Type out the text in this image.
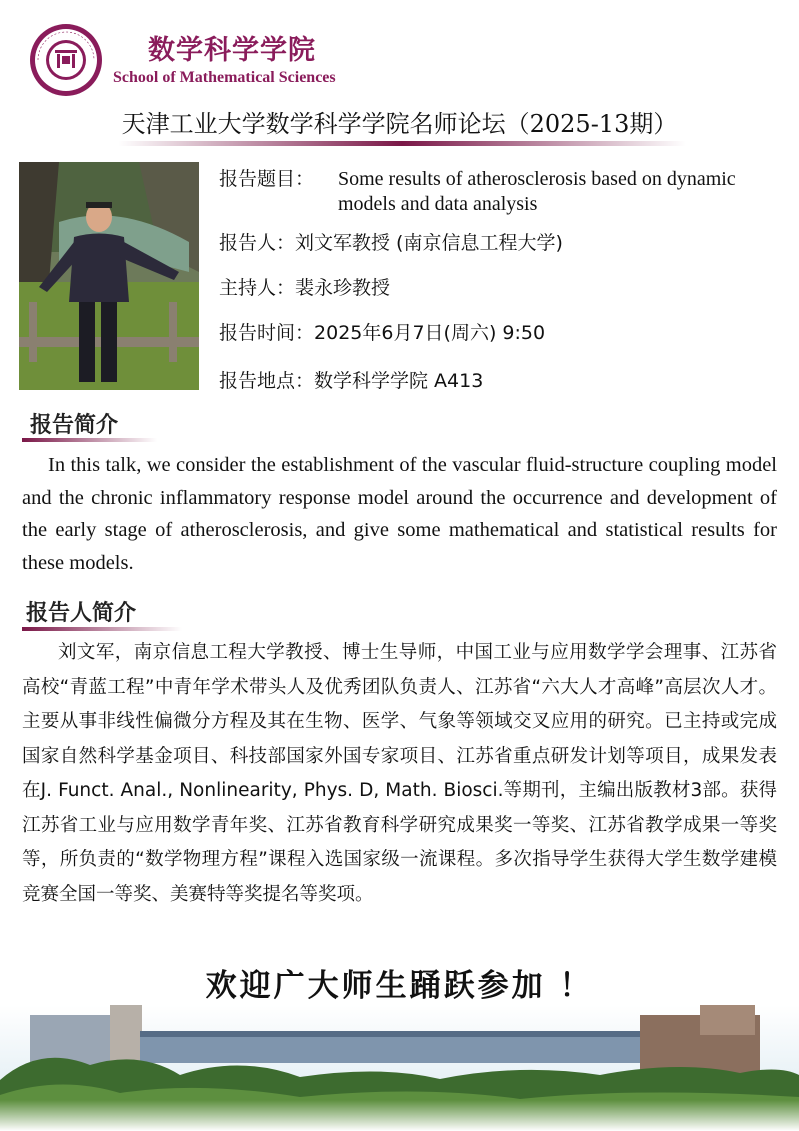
数学科学学院
School of Mathematical Sciences
天津工业大学数学科学学院名师论坛（2025-13期）
报告题目： Some results of atherosclerosis based on dynamic models and data analysis
报告人：刘文军教授 (南京信息工程大学)
主持人：裴永珍教授
报告时间：2025年6月7日(周六) 9:50
报告地点：数学科学学院 A413
报告简介
In this talk, we consider the establishment of the vascular fluid-structure coupling model and the chronic inflammatory response model around the occurrence and development of the early stage of atherosclerosis, and give some mathematical and statistical results for these models.
报告人简介
刘文军，南京信息工程大学教授、博士生导师，中国工业与应用数学学会理事、江苏省高校“青蓝工程”中青年学术带头人及优秀团队负责人、江苏省“六大人才高峰”高层次人才。主要从事非线性偏微分方程及其在生物、医学、气象等领域交叉应用的研究。已主持或完成国家自然科学基金项目、科技部国家外国专家项目、江苏省重点研发计划等项目，成果发表在J. Funct. Anal., Nonlinearity, Phys. D, Math. Biosci.等期刊，主编出版教材3部。获得江苏省工业与应用数学青年奖、江苏省教育科学研究成果奖一等奖、江苏省教学成果一等奖等，所负责的“数学物理方程”课程入选国家级一流课程。多次指导学生获得大学生数学建模竞赛全国一等奖、美赛特等奖提名等奖项。
欢迎广大师生踊跃参加 ！
